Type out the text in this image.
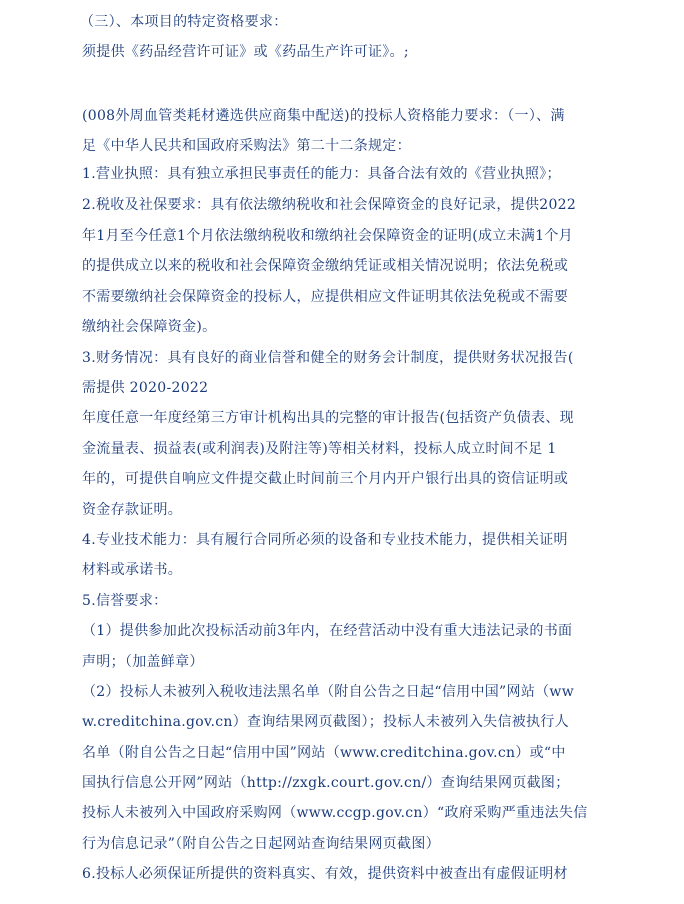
（三）、本项目的特定资格要求：
须提供《药品经营许可证》或《药品生产许可证》。;
(008外周血管类耗材遴选供应商集中配送)的投标人资格能力要求：（一）、满
足《中华人民共和国政府采购法》第二十二条规定：
1.营业执照：具有独立承担民事责任的能力：具备合法有效的《营业执照》；
2.税收及社保要求：具有依法缴纳税收和社会保障资金的良好记录，提供2022
年1月至今任意1个月依法缴纳税收和缴纳社会保障资金的证明(成立未满1个月
的提供成立以来的税收和社会保障资金缴纳凭证或相关情况说明；依法免税或
不需要缴纳社会保障资金的投标人，应提供相应文件证明其依法免税或不需要
缴纳社会保障资金)。
3.财务情况：具有良好的商业信誉和健全的财务会计制度，提供财务状况报告(
需提供 2020-2022
年度任意一年度经第三方审计机构出具的完整的审计报告(包括资产负债表、现
金流量表、损益表(或利润表)及附注等)等相关材料，投标人成立时间不足 1
年的，可提供自响应文件提交截止时间前三个月内开户银行出具的资信证明或
资金存款证明。
4.专业技术能力：具有履行合同所必须的设备和专业技术能力，提供相关证明
材料或承诺书。
5.信誉要求：
（1）提供参加此次投标活动前3年内，在经营活动中没有重大违法记录的书面
声明；（加盖鲜章）
（2）投标人未被列入税收违法黑名单（附自公告之日起“信用中国”网站（ww
w.creditchina.gov.cn）查询结果网页截图）；投标人未被列入失信被执行人
名单（附自公告之日起“信用中国”网站（www.creditchina.gov.cn）或“中
国执行信息公开网”网站（http://zxgk.court.gov.cn/）查询结果网页截图；
投标人未被列入中国政府采购网（www.ccgp.gov.cn）“政府采购严重违法失信
行为信息记录”（附自公告之日起网站查询结果网页截图）
6.投标人必须保证所提供的资料真实、有效，提供资料中被查出有虚假证明材
